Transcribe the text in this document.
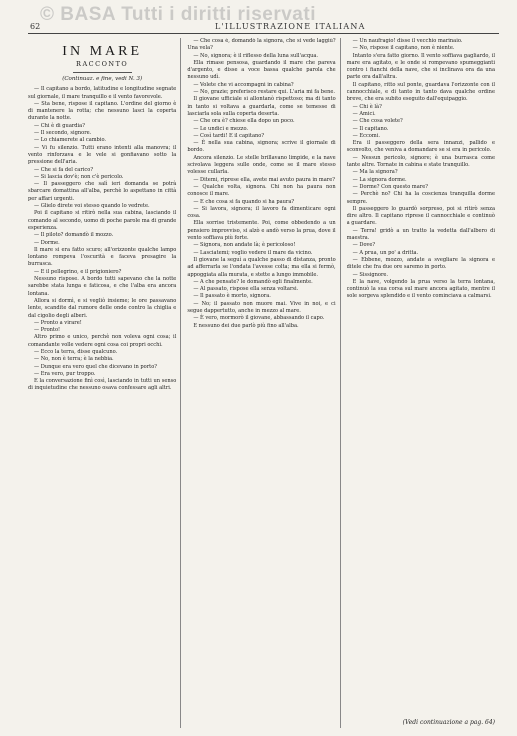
© BASA Tutti i diritti riservati
62	L'ILLUSTRAZIONE ITALIANA
IN MARE
RACCONTO
(Continuaz. e fine, vedi N. 3)

— Il capitano a bordo, latitudine e longitudine segnate sul giornale, il mare tranquillo e il vento favorevole.

— Sta bene, rispose il capitano. L'ordine del giorno è di mantenere la rotta; che nessuno lasci la coperta durante la notte.

— Chi è di guardia?

— Il secondo, signore.

— Lo chiamerete al cambio.

— Vi fu silenzio. Tutti erano intenti alla manovra; il vento rinforzava e le vele si gonfiavano sotto la pressione dell'aria.

— Che si fa del carico?

— Si lascia dov'è; non c'è pericolo.

— Il passeggero che salì ieri domanda se potrà sbarcare domattina all'alba, perchè lo aspettano in città per affari urgenti.

— Glielo direte voi stesso quando lo vedrete.

Poi il capitano si ritirò nella sua cabina, lasciando il comando al secondo, uomo di poche parole ma di grande esperienza.

— Il piloto? domandò il mozzo.

— Dorme.

Il mare si era fatto scuro; all'orizzonte qualche lampo lontano rompeva l'oscurità e faceva presagire la burrasca.

— E il pellegrino, e il prigioniero?

Nessuno rispose. A bordo tutti sapevano che la notte sarebbe stata lunga e faticosa, e che l'alba era ancora lontana.

Allora si dormì, e si vegliò insieme; le ore passavano lente, scandite dal rumore delle onde contro la chiglia e dal cigolio degli alberi.

— Pronto a virare!

— Pronto!

Altro primo e unico, perchè non voleva ogni cosa; il comandante volle vedere ogni cosa coi propri occhi.

— Ecco la terra, disse qualcuno.

— No, non è terra; è la nebbia.

— Dunque era vero quel che dicevano in porto?

— Era vero, pur troppo.

E la conversazione finì così, lasciando in tutti un senso di inquietudine che nessuno osava confessare agli altri.

— Che cosa è, domandò la signora, che si vede laggiù? Una vela?

— No, signora; è il riflesso della luna sull'acqua.

Ella rimase pensosa, guardando il mare che pareva d'argento, e disse a voce bassa qualche parola che nessuno udì.

— Volete che vi accompagni in cabina?

— No, grazie; preferisco restare qui. L'aria mi fa bene.

Il giovane ufficiale si allontanò rispettoso; ma di tanto in tanto si voltava a guardarla, come se temesse di lasciarla sola sulla coperta deserta.

— Che ora è? chiese ella dopo un poco.

— Le undici e mezzo.

— Così tardi! E il capitano?

— È nella sua cabina, signora; scrive il giornale di bordo.

Ancora silenzio. Le stelle brillavano limpide, e la nave scivolava leggera sulle onde, come se il mare stesso volesse cullarla.

— Ditemi, riprese ella, avete mai avuto paura in mare?

— Qualche volta, signora. Chi non ha paura non conosce il mare.

— E che cosa si fa quando si ha paura?

— Si lavora, signora; il lavoro fa dimenticare ogni cosa.

Ella sorrise tristemente. Poi, come obbedendo a un pensiero improvviso, si alzò e andò verso la prua, dove il vento soffiava più forte.

— Signora, non andate là; è pericoloso!

— Lasciatemi; voglio vedere il mare da vicino.

Il giovane la seguì a qualche passo di distanza, pronto ad afferrarla se l'ondata l'avesse colta; ma ella si fermò, appoggiata alla murata, e stette a lungo immobile.

— A che pensate? le domandò egli finalmente.

— Al passato, rispose ella senza voltarsi.

— Il passato è morto, signora.

— No; il passato non muore mai. Vive in noi, e ci segue dappertutto, anche in mezzo al mare.

— È vero, mormorò il giovane, abbassando il capo.

E nessuno dei due parlò più fino all'alba.

— Un naufragio! disse il vecchio marinaio.

— No, rispose il capitano, non è niente.

Intanto s'era fatto giorno. Il vento soffiava gagliardo, il mare era agitato, e le onde si rompevano spumeggianti contro i fianchi della nave, che si inclinava ora da una parte ora dall'altra.

Il capitano, ritto sul ponte, guardava l'orizzonte con il cannocchiale, e di tanto in tanto dava qualche ordine breve, che era subito eseguito dall'equipaggio.

— Chi è là?

— Amici.

— Che cosa volete?

— Il capitano.

— Eccomi.

Era il passeggero della sera innanzi, pallido e sconvolto, che veniva a domandare se si era in pericolo.

— Nessun pericolo, signore; è una burrasca come tante altre. Tornate in cabina e state tranquillo.

— Ma la signora?

— La signora dorme.

— Dorme? Con questo mare?

— Perchè no? Chi ha la coscienza tranquilla dorme sempre.

Il passeggero lo guardò sorpreso, poi si ritirò senza dire altro. Il capitano riprese il cannocchiale e continuò a guardare.

— Terra! gridò a un tratto la vedetta dall'albero di maestra.

— Dove?

— A prua, un po' a dritta.

— Ebbene, mozzo, andate a svegliare la signora e ditele che fra due ore saremo in porto.

— Sissignore.

E la nave, volgendo la prua verso la terra lontana, continuò la sua corsa sul mare ancora agitato, mentre il sole sorgeva splendido e il vento cominciava a calmarsi.

(Vedi continuazione a pag. 64)
